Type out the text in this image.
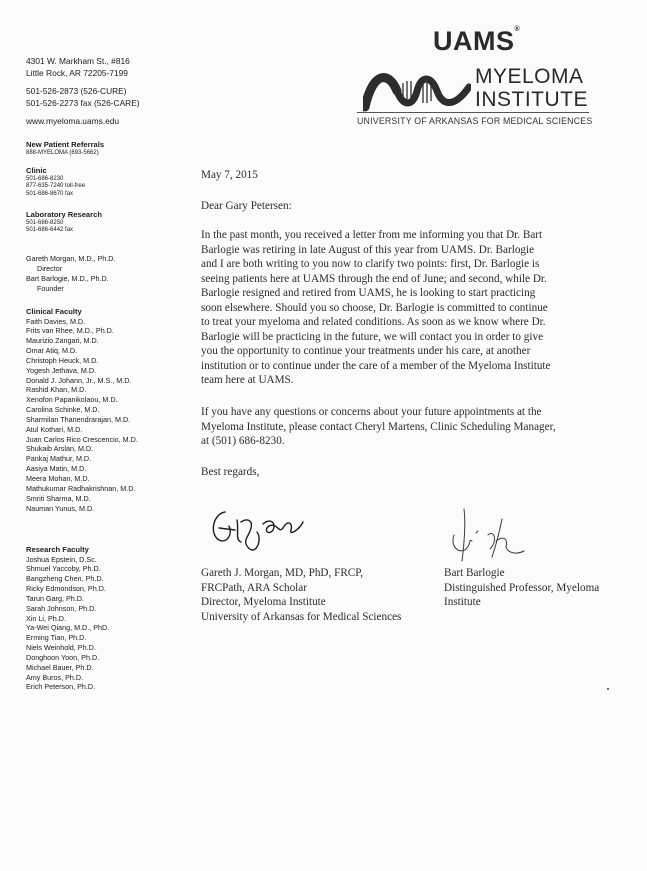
4301 W. Markham St., #816
Little Rock, AR 72205-7199
501-526-2873 (526-CURE)
501-526-2273 fax (526-CARE)
www.myeloma.uams.edu
New Patient Referrals
888-MYELOMA (693-5662)
Clinic
501-686-8230
877-635-7240 toll-free
501-686-8670 fax
Laboratory Research
501-686-8250
501-686-6442 fax
Gareth Morgan, M.D., Ph.D.
Director
Bart Barlogie, M.D., Ph.D.
Founder
Clinical Faculty
Faith Davies, M.D.
Frits van Rhee, M.D., Ph.D.
Maurizio Zangari, M.D.
Omar Atiq, M.D.
Christoph Heuck, M.D.
Yogesh Jethava, M.D.
Donald J. Johann, Jr., M.S., M.D.
Rashid Khan, M.D.
Xenofon Papanikolaou, M.D.
Carolina Schinke, M.D.
Sharmilan Thanendrarajan, M.D.
Atul Kothari, M.D.
Juan Carlos Rico Crescencio, M.D.
Shukaib Arslan, M.D.
Pankaj Mathur, M.D.
Aasiya Matin, M.D.
Meera Mohan, M.D.
Mathukumar Radhakrishnan, M.D.
Smriti Sharma, M.D.
Nauman Yunus, M.D.
Research Faculty
Joshua Epstein, D.Sc.
Shmuel Yaccoby, Ph.D.
Bangzheng Chen, Ph.D.
Ricky Edmondson, Ph.D.
Tarun Garg, Ph.D.
Sarah Johnson, Ph.D.
Xin Li, Ph.D.
Ya-Wei Qiang, M.D., PhD.
Erming Tian, Ph.D.
Niels Weinhold, Ph.D.
Donghoon Yoon, Ph.D.
Michael Bauer, Ph.D.
Amy Buros, Ph.D.
Erich Peterson, Ph.D.
UAMS®
MYELOMA
INSTITUTE
UNIVERSITY OF ARKANSAS FOR MEDICAL SCIENCES
May 7, 2015
Dear Gary Petersen:
In the past month, you received a letter from me informing you that Dr. Bart
Barlogie was retiring in late August of this year from UAMS. Dr. Barlogie
and I are both writing to you now to clarify two points: first, Dr. Barlogie is
seeing patients here at UAMS through the end of June; and second, while Dr.
Barlogie resigned and retired from UAMS, he is looking to start practicing
soon elsewhere. Should you so choose, Dr. Barlogie is committed to continue
to treat your myeloma and related conditions. As soon as we know where Dr.
Barlogie will be practicing in the future, we will contact you in order to give
you the opportunity to continue your treatments under his care, at another
institution or to continue under the care of a member of the Myeloma Institute
team here at UAMS.
If you have any questions or concerns about your future appointments at the
Myeloma Institute, please contact Cheryl Martens, Clinic Scheduling Manager,
at (501) 686-8230.
Best regards,
Gareth J. Morgan, MD, PhD, FRCP,
FRCPath, ARA Scholar
Director, Myeloma Institute
University of Arkansas for Medical Sciences
Bart Barlogie
Distinguished Professor, Myeloma
Institute
